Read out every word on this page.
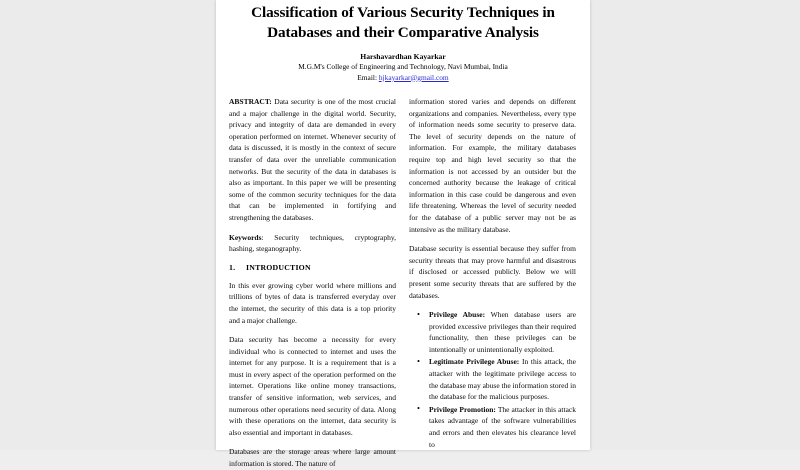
Classification of Various Security Techniques in Databases and their Comparative Analysis
Harshavardhan Kayarkar
M.G.M's College of Engineering and Technology, Navi Mumbai, India
Email: hjkayarkar@gmail.com

ABSTRACT: Data security is one of the most crucial and a major challenge in the digital world. Security, privacy and integrity of data are demanded in every operation performed on internet. Whenever security of data is discussed, it is mostly in the context of secure transfer of data over the unreliable communication networks. But the security of the data in databases is also as important. In this paper we will be presenting some of the common security techniques for the data that can be implemented in fortifying and strengthening the databases.

Keywords: Security techniques, cryptography, hashing, steganography.

1. INTRODUCTION

In this ever growing cyber world where millions and trillions of bytes of data is transferred everyday over the internet, the security of this data is a top priority and a major challenge.

Data security has become a necessity for every individual who is connected to internet and uses the internet for any purpose. It is a requirement that is a must in every aspect of the operation performed on the internet. Operations like online money transactions, transfer of sensitive information, web services, and numerous other operations need security of data. Along with these operations on the internet, data security is also essential and important in databases.

Databases are the storage areas where large amount information is stored. The nature of

information stored varies and depends on different organizations and companies. Nevertheless, every type of information needs some security to preserve data. The level of security depends on the nature of information. For example, the military databases require top and high level security so that the information is not accessed by an outsider but the concerned authority because the leakage of critical information in this case could be dangerous and even life threatening. Whereas the level of security needed for the database of a public server may not be as intensive as the military database.

Database security is essential because they suffer from security threats that may prove harmful and disastrous if disclosed or accessed publicly. Below we will present some security threats that are suffered by the databases.

• Privilege Abuse: When database users are provided excessive privileges than their required functionality, then these privileges can be intentionally or unintentionally exploited.
• Legitimate Privilege Abuse: In this attack, the attacker with the legitimate privilege access to the database may abuse the information stored in the database for the malicious purposes.
• Privilege Promotion: The attacker in this attack takes advantage of the software vulnerabilities and errors and then elevates his clearance level to
